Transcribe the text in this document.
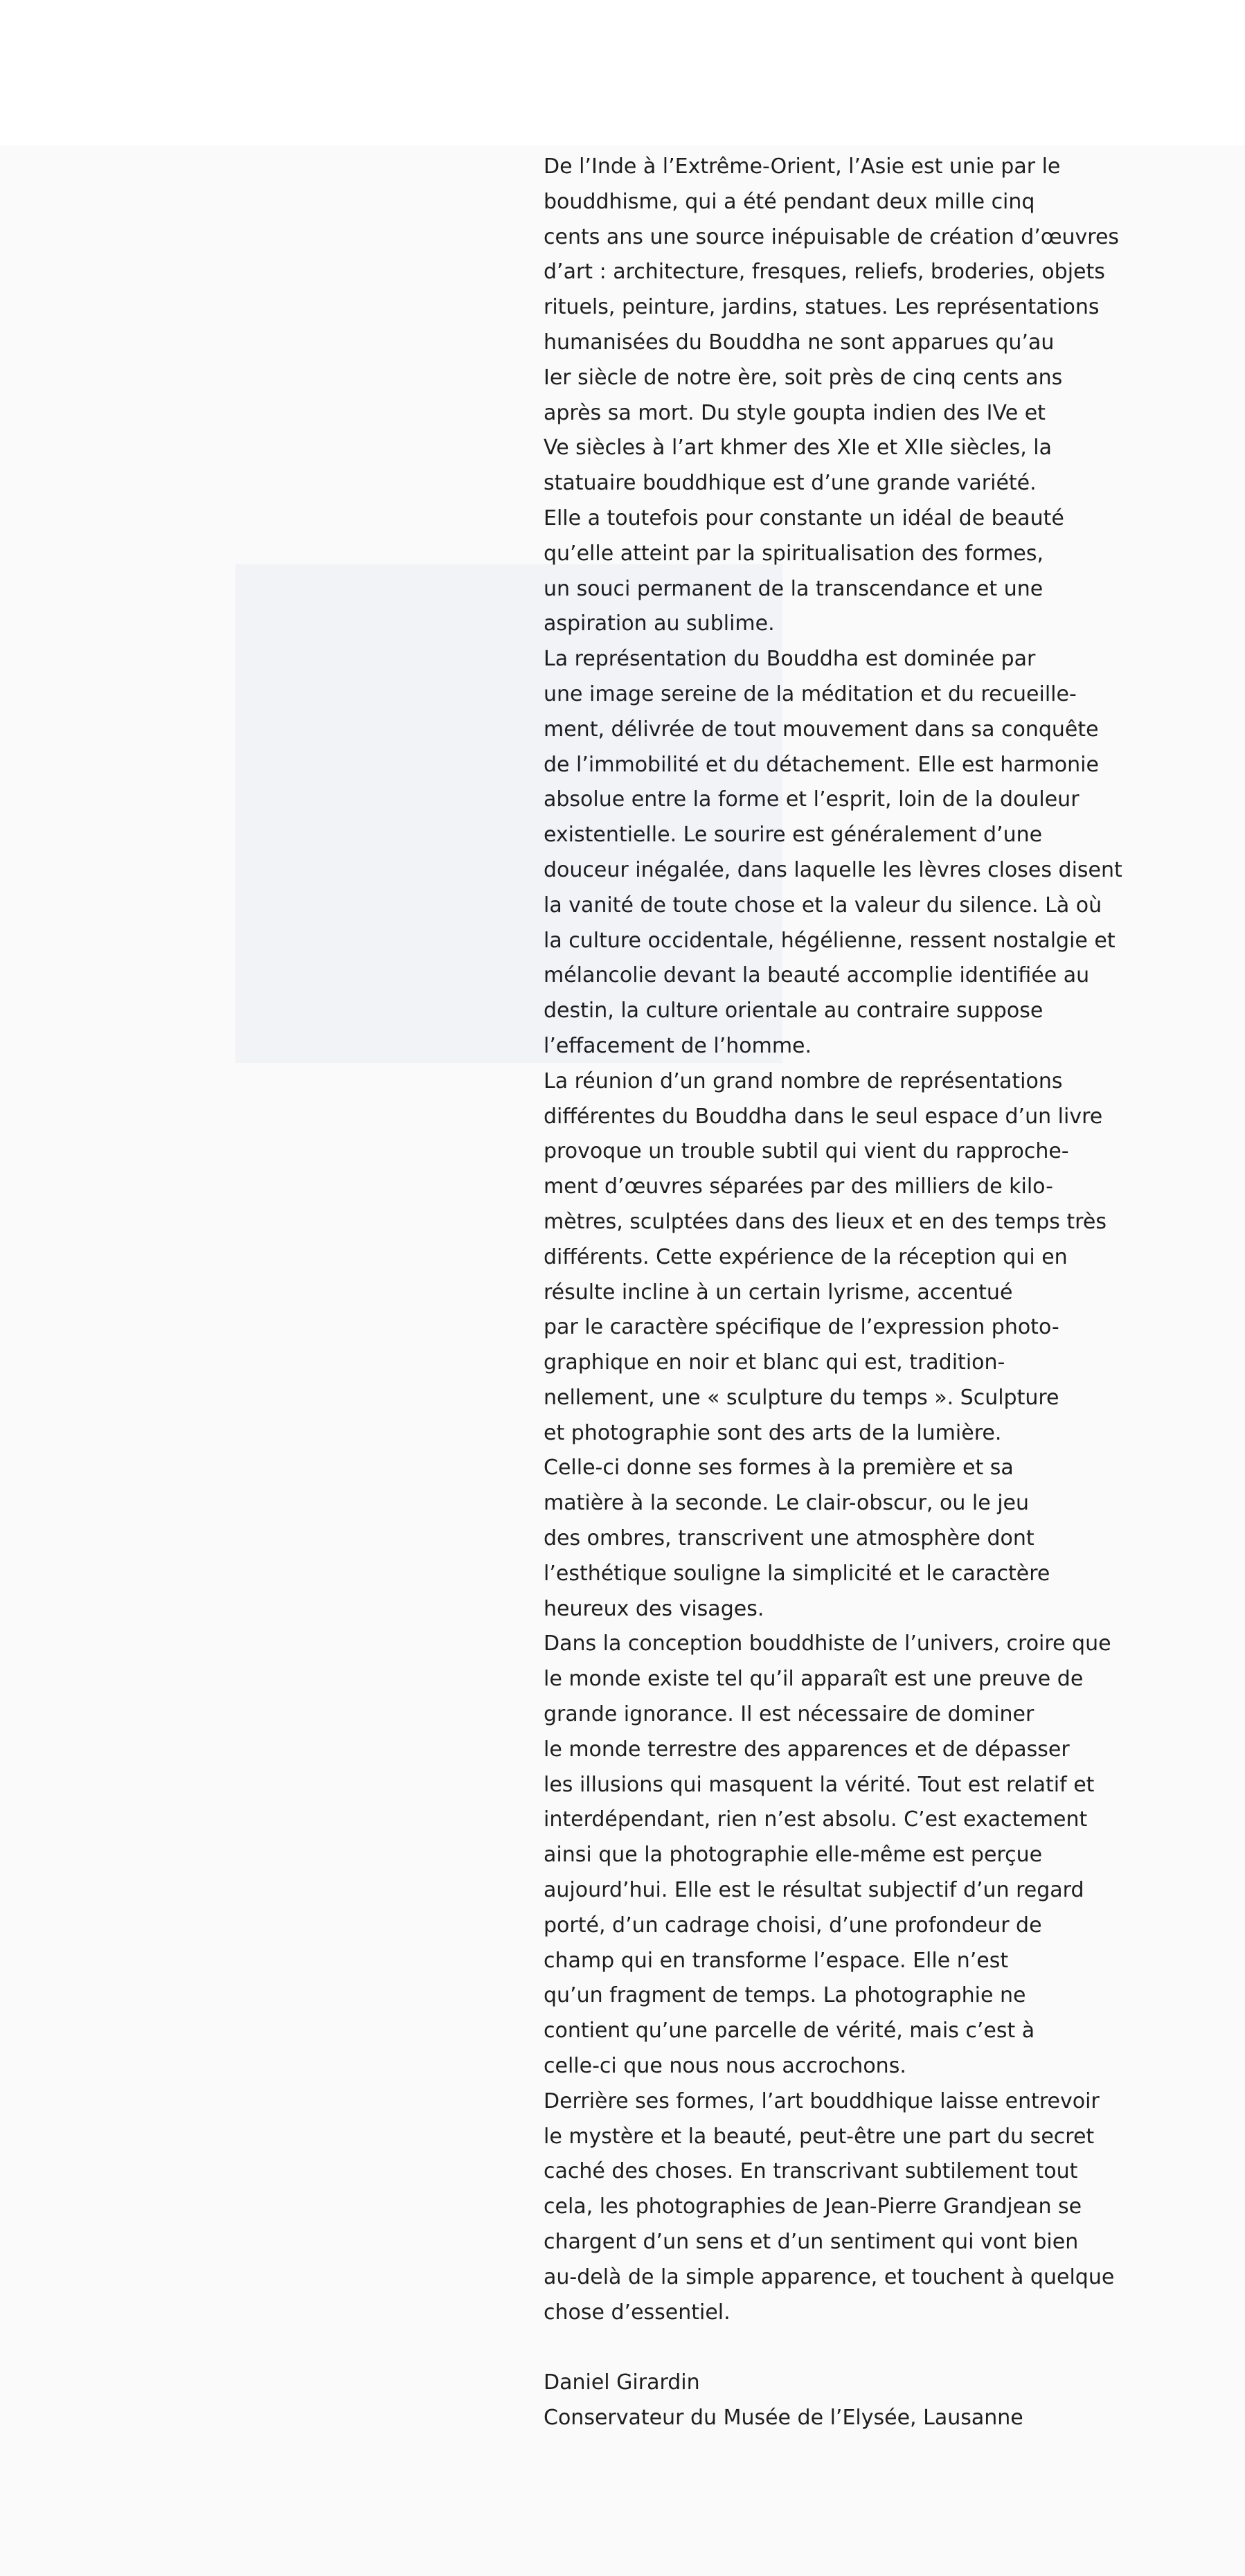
De l’Inde à l’Extrême-Orient, l’Asie est unie par le
bouddhisme, qui a été pendant deux mille cinq
cents ans une source inépuisable de création d’œuvres
d’art : architecture, fresques, reliefs, broderies, objets
rituels, peinture, jardins, statues. Les représentations
humanisées du Bouddha ne sont apparues qu’au
Ier siècle de notre ère, soit près de cinq cents ans
après sa mort. Du style goupta indien des IVe et
Ve siècles à l’art khmer des XIe et XIIe siècles, la
statuaire bouddhique est d’une grande variété.
Elle a toutefois pour constante un idéal de beauté
qu’elle atteint par la spiritualisation des formes,
un souci permanent de la transcendance et une
aspiration au sublime.
La représentation du Bouddha est dominée par
une image sereine de la méditation et du recueille-
ment, délivrée de tout mouvement dans sa conquête
de l’immobilité et du détachement. Elle est harmonie
absolue entre la forme et l’esprit, loin de la douleur
existentielle. Le sourire est généralement d’une
douceur inégalée, dans laquelle les lèvres closes disent
la vanité de toute chose et la valeur du silence. Là où
la culture occidentale, hégélienne, ressent nostalgie et
mélancolie devant la beauté accomplie identifiée au
destin, la culture orientale au contraire suppose
l’effacement de l’homme.
La réunion d’un grand nombre de représentations
différentes du Bouddha dans le seul espace d’un livre
provoque un trouble subtil qui vient du rapproche-
ment d’œuvres séparées par des milliers de kilo-
mètres, sculptées dans des lieux et en des temps très
différents. Cette expérience de la réception qui en
résulte incline à un certain lyrisme, accentué
par le caractère spécifique de l’expression photo-
graphique en noir et blanc qui est, tradition-
nellement, une « sculpture du temps ». Sculpture
et photographie sont des arts de la lumière.
Celle-ci donne ses formes à la première et sa
matière à la seconde. Le clair-obscur, ou le jeu
des ombres, transcrivent une atmosphère dont
l’esthétique souligne la simplicité et le caractère
heureux des visages.
Dans la conception bouddhiste de l’univers, croire que
le monde existe tel qu’il apparaît est une preuve de
grande ignorance. Il est nécessaire de dominer
le monde terrestre des apparences et de dépasser
les illusions qui masquent la vérité. Tout est relatif et
interdépendant, rien n’est absolu. C’est exactement
ainsi que la photographie elle-même est perçue
aujourd’hui. Elle est le résultat subjectif d’un regard
porté, d’un cadrage choisi, d’une profondeur de
champ qui en transforme l’espace. Elle n’est
qu’un fragment de temps. La photographie ne
contient qu’une parcelle de vérité, mais c’est à
celle-ci que nous nous accrochons.
Derrière ses formes, l’art bouddhique laisse entrevoir
le mystère et la beauté, peut-être une part du secret
caché des choses. En transcrivant subtilement tout
cela, les photographies de Jean-Pierre Grandjean se
chargent d’un sens et d’un sentiment qui vont bien
au-delà de la simple apparence, et touchent à quelque
chose d’essentiel.
Daniel Girardin
Conservateur du Musée de l’Elysée, Lausanne
